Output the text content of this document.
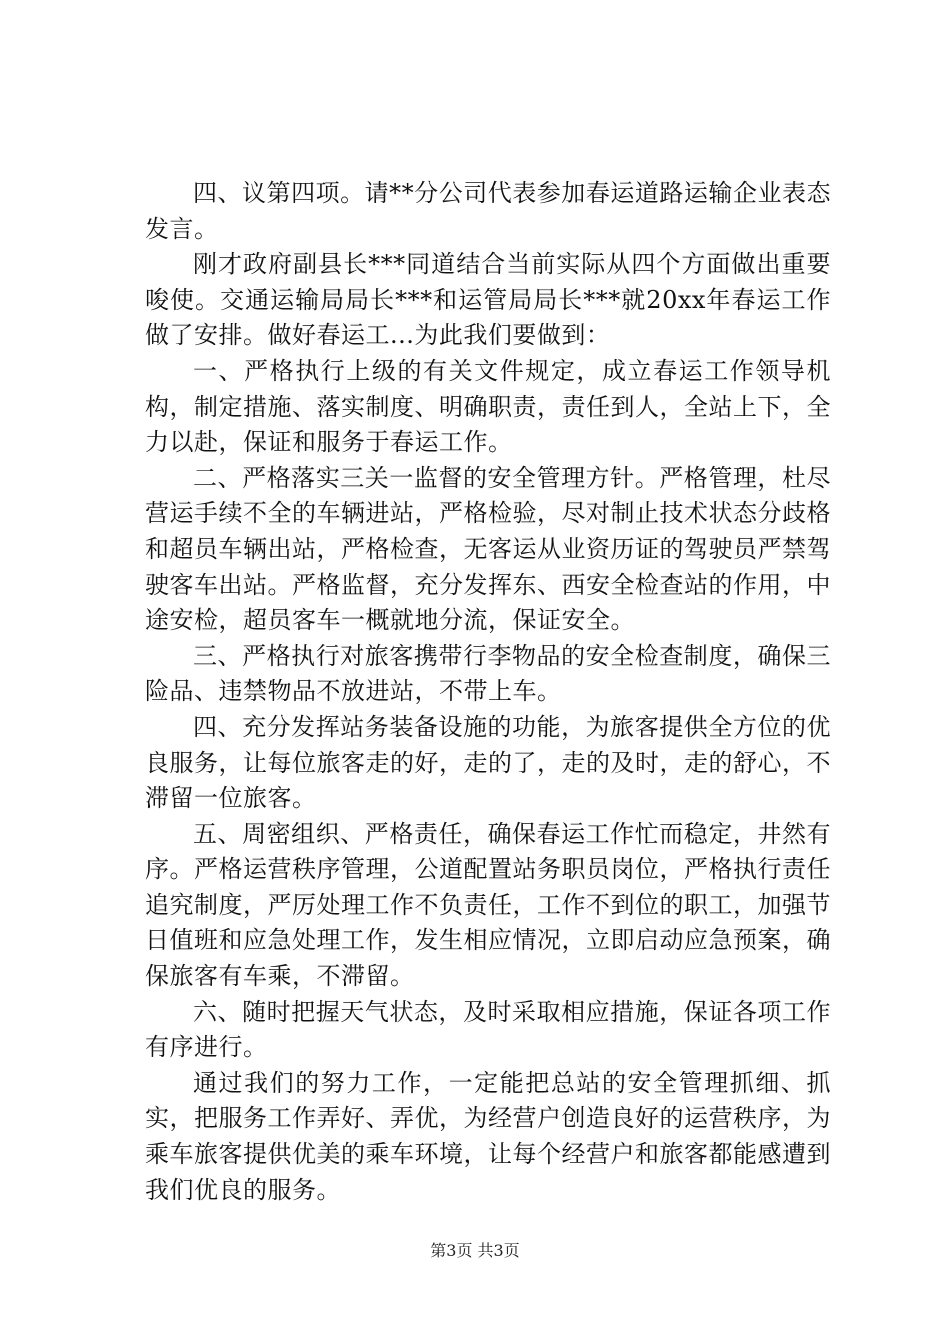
四、议第四项。请**分公司代表参加春运道路运输企业表态发言。

刚才政府副县长***同道结合当前实际从四个方面做出重要唆使。交通运输局局长***和运管局局长***就20xx年春运工作做了安排。做好春运工...为此我们要做到：

一、严格执行上级的有关文件规定，成立春运工作领导机构，制定措施、落实制度、明确职责，责任到人，全站上下，全力以赴，保证和服务于春运工作。

二、严格落实三关一监督的安全管理方针。严格管理，杜尽营运手续不全的车辆进站，严格检验，尽对制止技术状态分歧格和超员车辆出站，严格检查，无客运从业资历证的驾驶员严禁驾驶客车出站。严格监督，充分发挥东、西安全检查站的作用，中途安检，超员客车一概就地分流，保证安全。

三、严格执行对旅客携带行李物品的安全检查制度，确保三险品、违禁物品不放进站，不带上车。

四、充分发挥站务装备设施的功能，为旅客提供全方位的优良服务，让每位旅客走的好，走的了，走的及时，走的舒心，不滞留一位旅客。

五、周密组织、严格责任，确保春运工作忙而稳定，井然有序。严格运营秩序管理，公道配置站务职员岗位，严格执行责任追究制度，严厉处理工作不负责任，工作不到位的职工，加强节日值班和应急处理工作，发生相应情况，立即启动应急预案，确保旅客有车乘，不滞留。

六、随时把握天气状态，及时采取相应措施，保证各项工作有序进行。

通过我们的努力工作，一定能把总站的安全管理抓细、抓实，把服务工作弄好、弄优，为经营户创造良好的运营秩序，为乘车旅客提供优美的乘车环境，让每个经营户和旅客都能感遭到我们优良的服务。

第3页 共3页
